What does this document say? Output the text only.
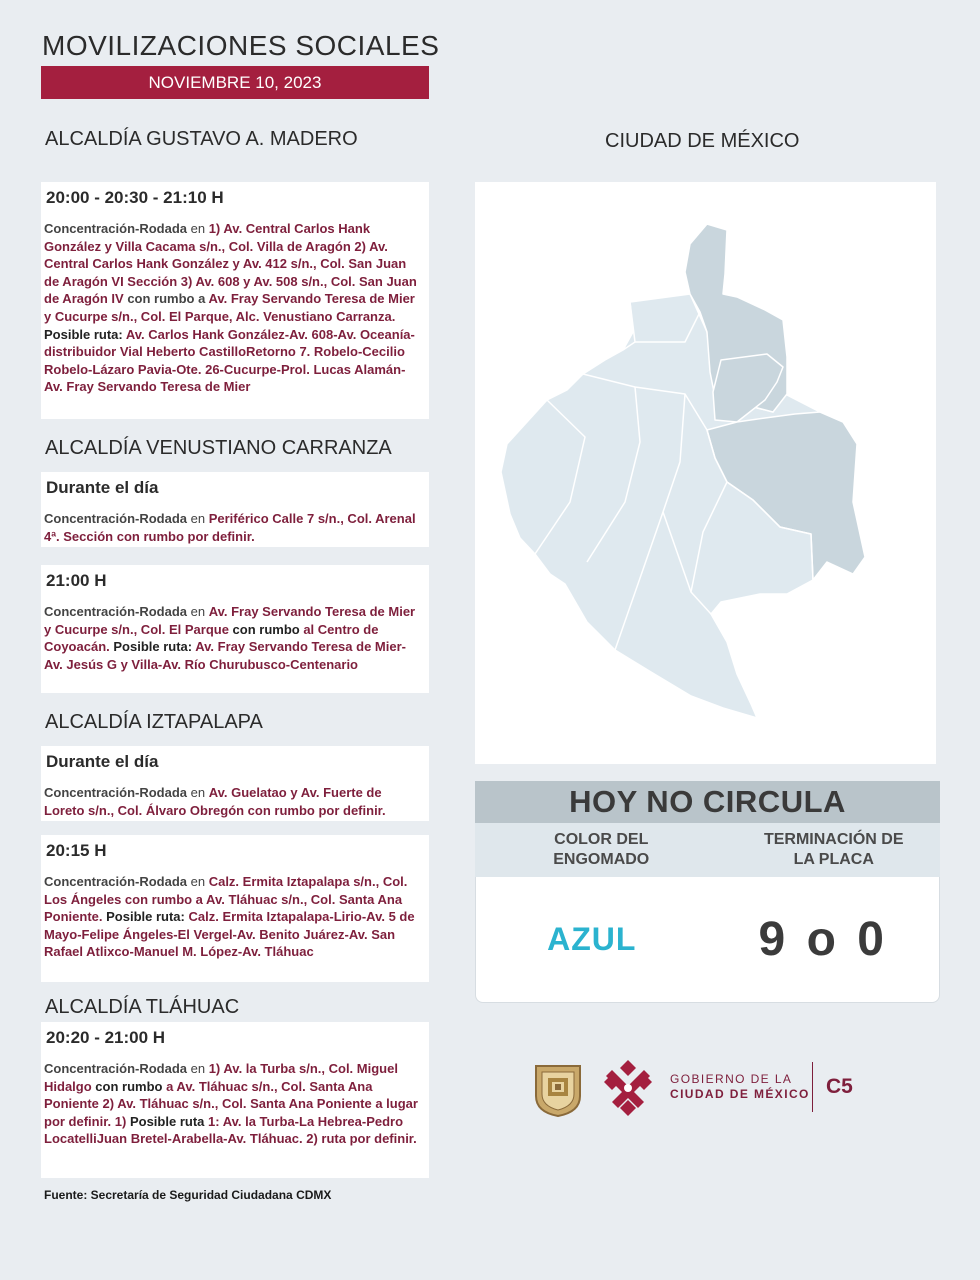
MOVILIZACIONES SOCIALES
NOVIEMBRE 10, 2023
ALCALDÍA GUSTAVO A. MADERO
20:00 - 20:30 - 21:10 H
Concentración-Rodada en 1) Av. Central Carlos Hank González y Villa Cacama s/n., Col. Villa de Aragón 2) Av. Central Carlos Hank González y Av. 412 s/n., Col. San Juan de Aragón VI Sección 3) Av. 608 y Av. 508 s/n., Col. San Juan de Aragón IV con rumbo a Av. Fray Servando Teresa de Mier y Cucurpe s/n., Col. El Parque, Alc. Venustiano Carranza. Posible ruta: Av. Carlos Hank González-Av. 608-Av. Oceanía-distribuidor Vial Heberto CastilloRetorno 7. Robelo-Cecilio Robelo-Lázaro Pavia-Ote. 26-Cucurpe-Prol. Lucas Alamán-Av. Fray Servando Teresa de Mier
ALCALDÍA VENUSTIANO CARRANZA
Durante el día
Concentración-Rodada en Periférico Calle 7 s/n., Col. Arenal 4ª. Sección con rumbo por definir.
21:00 H
Concentración-Rodada en Av. Fray Servando Teresa de Mier y Cucurpe s/n., Col. El Parque con rumbo al Centro de Coyoacán. Posible ruta: Av. Fray Servando Teresa de Mier-Av. Jesús G y Villa-Av. Río Churubusco-Centenario
ALCALDÍA IZTAPALAPA
Durante el día
Concentración-Rodada en Av. Guelatao y Av. Fuerte de Loreto s/n., Col. Álvaro Obregón con rumbo por definir.
20:15 H
Concentración-Rodada en Calz. Ermita Iztapalapa s/n., Col. Los Ángeles con rumbo a Av. Tláhuac s/n., Col. Santa Ana Poniente. Posible ruta: Calz. Ermita Iztapalapa-Lirio-Av. 5 de Mayo-Felipe Ángeles-El Vergel-Av. Benito Juárez-Av. San Rafael Atlixco-Manuel M. López-Av. Tláhuac
ALCALDÍA TLÁHUAC
20:20 - 21:00 H
Concentración-Rodada en 1) Av. la Turba s/n., Col. Miguel Hidalgo con rumbo a Av. Tláhuac s/n., Col. Santa Ana Poniente 2) Av. Tláhuac s/n., Col. Santa Ana Poniente a lugar por definir. 1) Posible ruta 1: Av. la Turba-La Hebrea-Pedro LocatelliJuan Bretel-Arabella-Av. Tláhuac. 2) ruta por definir.
Fuente: Secretaría de Seguridad Ciudadana CDMX
CIUDAD DE MÉXICO
HOY NO CIRCULA
COLOR DEL ENGOMADO
TERMINACIÓN DE LA PLACA
AZUL	9 o 0
GOBIERNO DE LA
CIUDAD DE MÉXICO C5
